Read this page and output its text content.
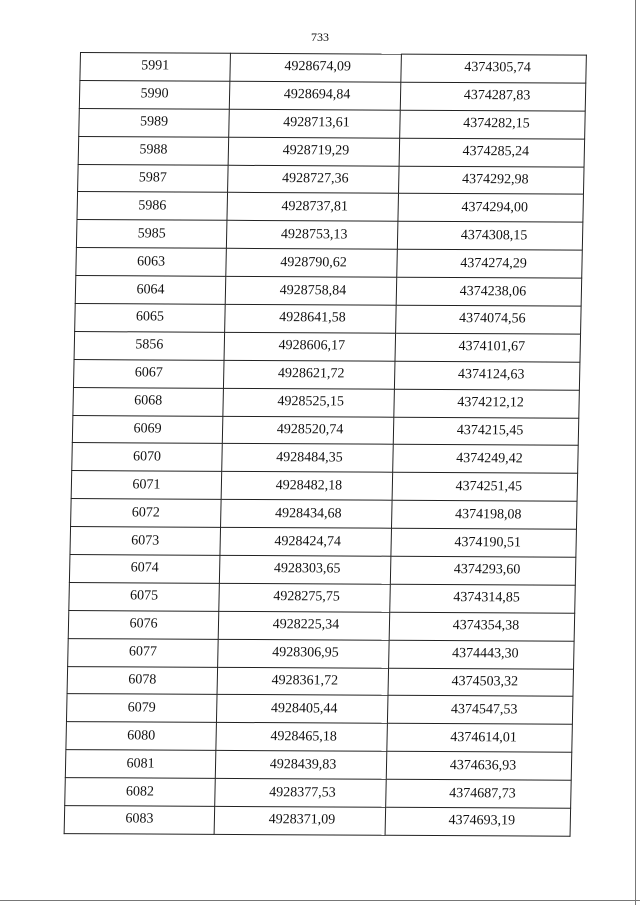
733
5991	4928674,09	4374305,74
5990	4928694,84	4374287,83
5989	4928713,61	4374282,15
5988	4928719,29	4374285,24
5987	4928727,36	4374292,98
5986	4928737,81	4374294,00
5985	4928753,13	4374308,15
6063	4928790,62	4374274,29
6064	4928758,84	4374238,06
6065	4928641,58	4374074,56
5856	4928606,17	4374101,67
6067	4928621,72	4374124,63
6068	4928525,15	4374212,12
6069	4928520,74	4374215,45
6070	4928484,35	4374249,42
6071	4928482,18	4374251,45
6072	4928434,68	4374198,08
6073	4928424,74	4374190,51
6074	4928303,65	4374293,60
6075	4928275,75	4374314,85
6076	4928225,34	4374354,38
6077	4928306,95	4374443,30
6078	4928361,72	4374503,32
6079	4928405,44	4374547,53
6080	4928465,18	4374614,01
6081	4928439,83	4374636,93
6082	4928377,53	4374687,73
6083	4928371,09	4374693,19
